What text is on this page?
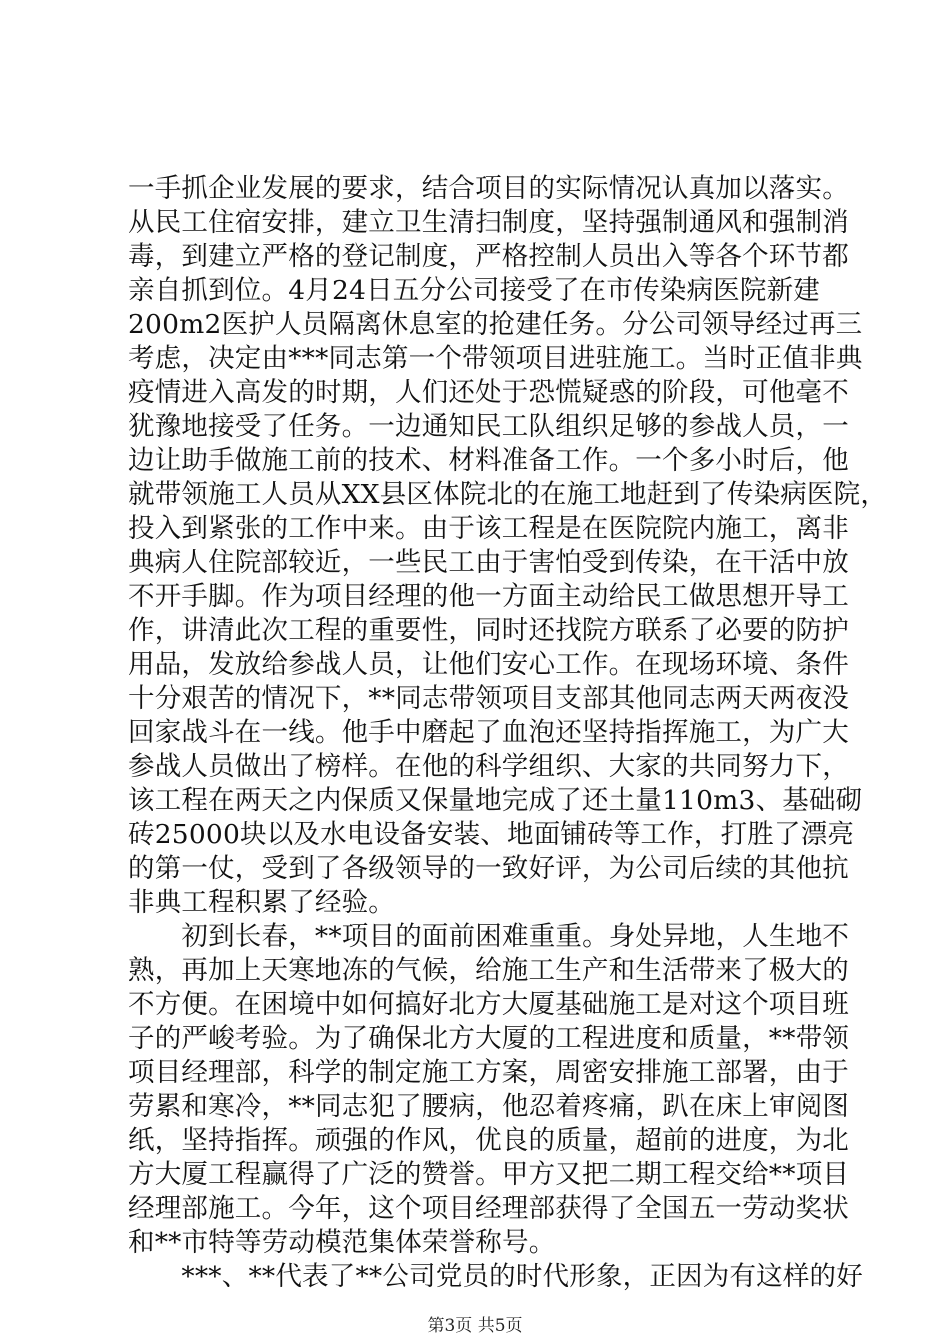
一手抓企业发展的要求，结合项目的实际情况认真加以落实。
从民工住宿安排，建立卫生清扫制度，坚持强制通风和强制消
毒，到建立严格的登记制度，严格控制人员出入等各个环节都
亲自抓到位。4月24日五分公司接受了在市传染病医院新建
200m2医护人员隔离休息室的抢建任务。分公司领导经过再三
考虑，决定由***同志第一个带领项目进驻施工。当时正值非典
疫情进入高发的时期，人们还处于恐慌疑惑的阶段，可他毫不
犹豫地接受了任务。一边通知民工队组织足够的参战人员，一
边让助手做施工前的技术、材料准备工作。一个多小时后，他
就带领施工人员从XX县区体院北的在施工地赶到了传染病医院，
投入到紧张的工作中来。由于该工程是在医院院内施工，离非
典病人住院部较近，一些民工由于害怕受到传染，在干活中放
不开手脚。作为项目经理的他一方面主动给民工做思想开导工
作，讲清此次工程的重要性，同时还找院方联系了必要的防护
用品，发放给参战人员，让他们安心工作。在现场环境、条件
十分艰苦的情况下，**同志带领项目支部其他同志两天两夜没
回家战斗在一线。他手中磨起了血泡还坚持指挥施工，为广大
参战人员做出了榜样。在他的科学组织、大家的共同努力下，
该工程在两天之内保质又保量地完成了还土量110m3、基础砌
砖25000块以及水电设备安装、地面铺砖等工作，打胜了漂亮
的第一仗，受到了各级领导的一致好评，为公司后续的其他抗
非典工程积累了经验。
　　初到长春，**项目的面前困难重重。身处异地，人生地不
熟，再加上天寒地冻的气候，给施工生产和生活带来了极大的
不方便。在困境中如何搞好北方大厦基础施工是对这个项目班
子的严峻考验。为了确保北方大厦的工程进度和质量，**带领
项目经理部，科学的制定施工方案，周密安排施工部署，由于
劳累和寒冷，**同志犯了腰病，他忍着疼痛，趴在床上审阅图
纸，坚持指挥。顽强的作风，优良的质量，超前的进度，为北
方大厦工程赢得了广泛的赞誉。甲方又把二期工程交给**项目
经理部施工。今年，这个项目经理部获得了全国五一劳动奖状
和**市特等劳动模范集体荣誉称号。
　　***、**代表了**公司党员的时代形象，正因为有这样的好
第3页 共5页
